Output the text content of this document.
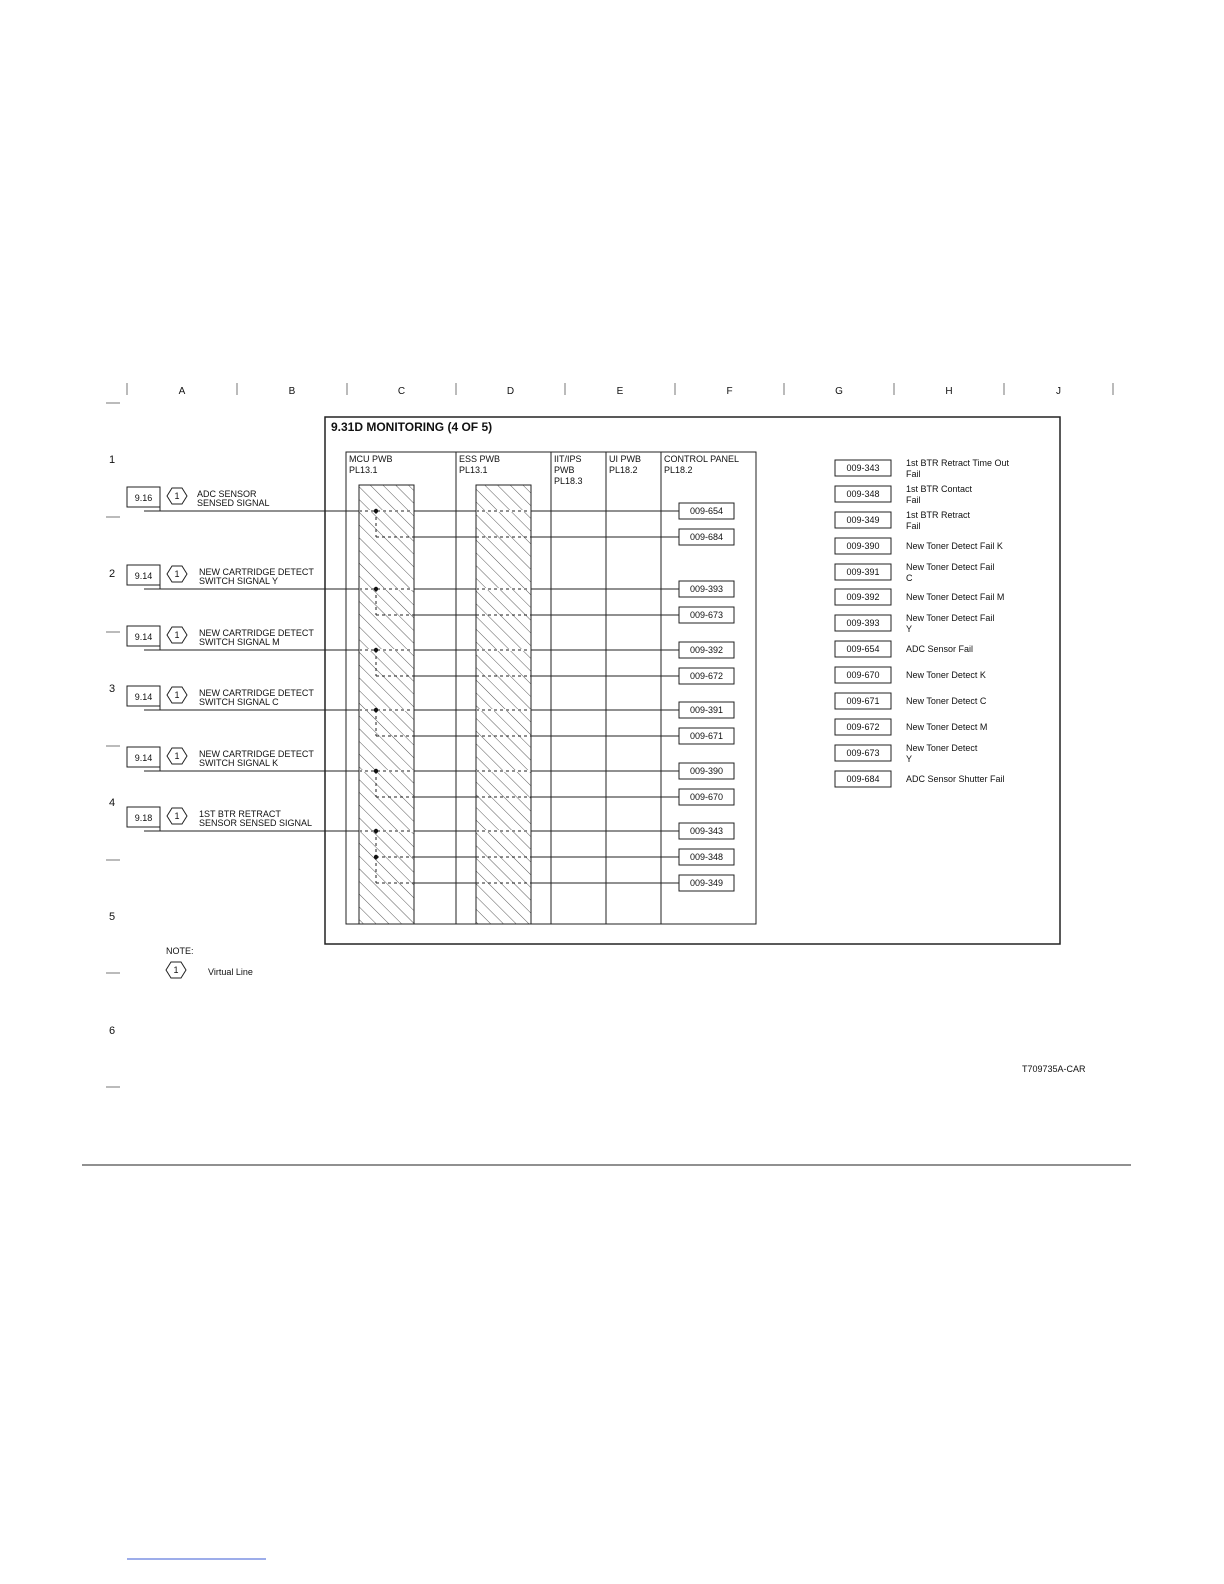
A	B	C	D	E	F	G	H	J
1
2
3
4
5
6
9.31D MONITORING (4 OF 5)
MCU PWB
PL13.1
ESS PWB
PL13.1
IIT/IPS
PWB
PL18.3
UI PWB
PL18.2
CONTROL PANEL
PL18.2
9.16 1 ADC SENSOR
SENSED SIGNAL
009-654
009-684
9.14 1 NEW CARTRIDGE DETECT
SWITCH SIGNAL Y
009-393
009-673
9.14 1 NEW CARTRIDGE DETECT
SWITCH SIGNAL M
009-392
009-672
9.14 1 NEW CARTRIDGE DETECT
SWITCH SIGNAL C
009-391
009-671
9.14 1 NEW CARTRIDGE DETECT
SWITCH SIGNAL K
009-390
009-670
9.18 1 1ST BTR RETRACT
SENSOR SENSED SIGNAL
009-343
009-348
009-349
009-343	1st BTR Retract Time Out
Fail
009-348	1st BTR Contact
Fail
009-349	1st BTR Retract
Fail
009-390	New Toner Detect Fail K
009-391	New Toner Detect Fail
C
009-392	New Toner Detect Fail M
009-393	New Toner Detect Fail
Y
009-654	ADC Sensor Fail
009-670	New Toner Detect K
009-671	New Toner Detect C
009-672	New Toner Detect M
009-673	New Toner Detect
Y
009-684	ADC Sensor Shutter Fail
NOTE:
1	Virtual Line
T709735A-CAR
